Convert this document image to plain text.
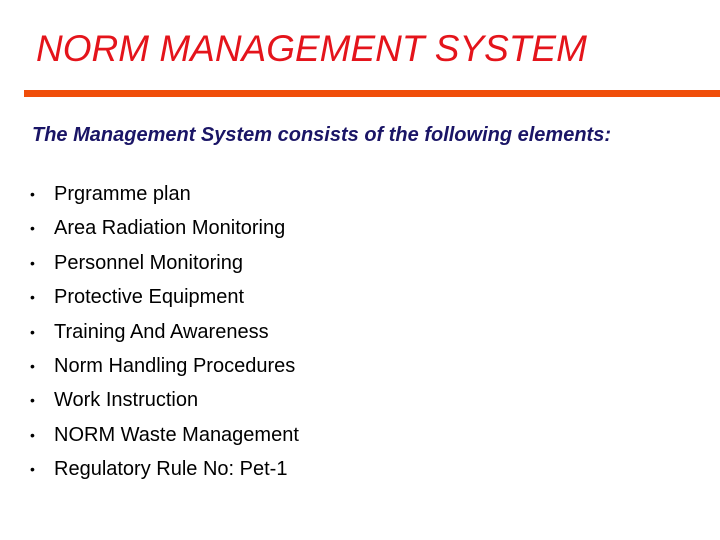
NORM MANAGEMENT SYSTEM

The Management System consists of the following elements:

• Prgramme plan
• Area Radiation Monitoring
• Personnel Monitoring
• Protective Equipment
• Training And Awareness
• Norm Handling Procedures
• Work Instruction
• NORM Waste Management
• Regulatory Rule No: Pet-1
